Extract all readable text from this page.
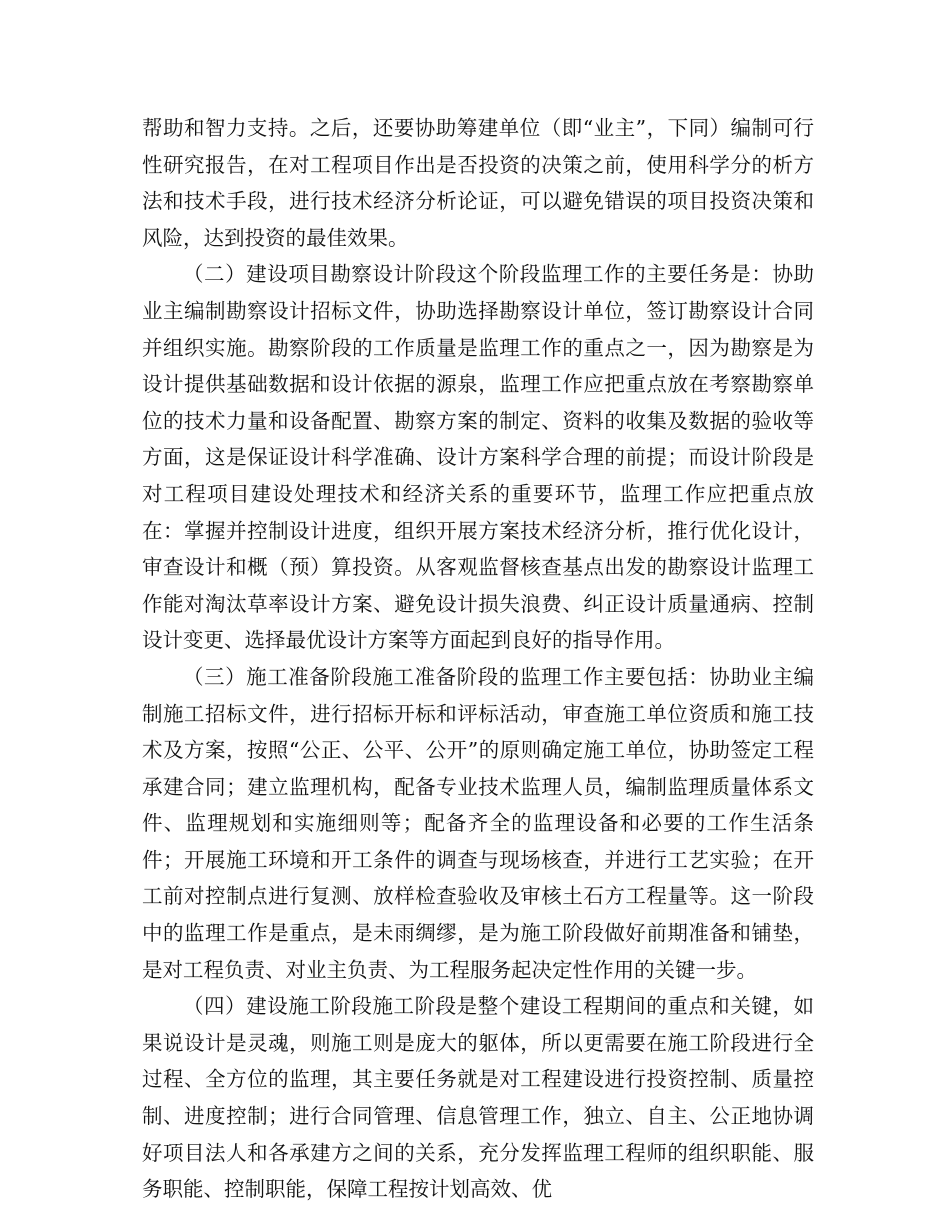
帮助和智力支持。之后，还要协助筹建单位（即“业主”，下同）编制可行性研究报告，在对工程项目作出是否投资的决策之前，使用科学分的析方法和技术手段，进行技术经济分析论证，可以避免错误的项目投资决策和风险，达到投资的最佳效果。

（二）建设项目勘察设计阶段这个阶段监理工作的主要任务是：协助业主编制勘察设计招标文件，协助选择勘察设计单位，签订勘察设计合同并组织实施。勘察阶段的工作质量是监理工作的重点之一，因为勘察是为设计提供基础数据和设计依据的源泉，监理工作应把重点放在考察勘察单位的技术力量和设备配置、勘察方案的制定、资料的收集及数据的验收等方面，这是保证设计科学准确、设计方案科学合理的前提；而设计阶段是对工程项目建设处理技术和经济关系的重要环节，监理工作应把重点放在：掌握并控制设计进度，组织开展方案技术经济分析，推行优化设计，审查设计和概（预）算投资。从客观监督核查基点出发的勘察设计监理工作能对淘汰草率设计方案、避免设计损失浪费、纠正设计质量通病、控制设计变更、选择最优设计方案等方面起到良好的指导作用。

（三）施工准备阶段施工准备阶段的监理工作主要包括：协助业主编制施工招标文件，进行招标开标和评标活动，审查施工单位资质和施工技术及方案，按照“公正、公平、公开”的原则确定施工单位，协助签定工程承建合同；建立监理机构，配备专业技术监理人员，编制监理质量体系文件、监理规划和实施细则等；配备齐全的监理设备和必要的工作生活条件；开展施工环境和开工条件的调查与现场核查，并进行工艺实验；在开工前对控制点进行复测、放样检查验收及审核土石方工程量等。这一阶段中的监理工作是重点，是未雨绸缪，是为施工阶段做好前期准备和铺垫，是对工程负责、对业主负责、为工程服务起决定性作用的关键一步。

（四）建设施工阶段施工阶段是整个建设工程期间的重点和关键，如果说设计是灵魂，则施工则是庞大的躯体，所以更需要在施工阶段进行全过程、全方位的监理，其主要任务就是对工程建设进行投资控制、质量控制、进度控制；进行合同管理、信息管理工作，独立、自主、公正地协调好项目法人和各承建方之间的关系，充分发挥监理工程师的组织职能、服务职能、控制职能，保障工程按计划高效、优
